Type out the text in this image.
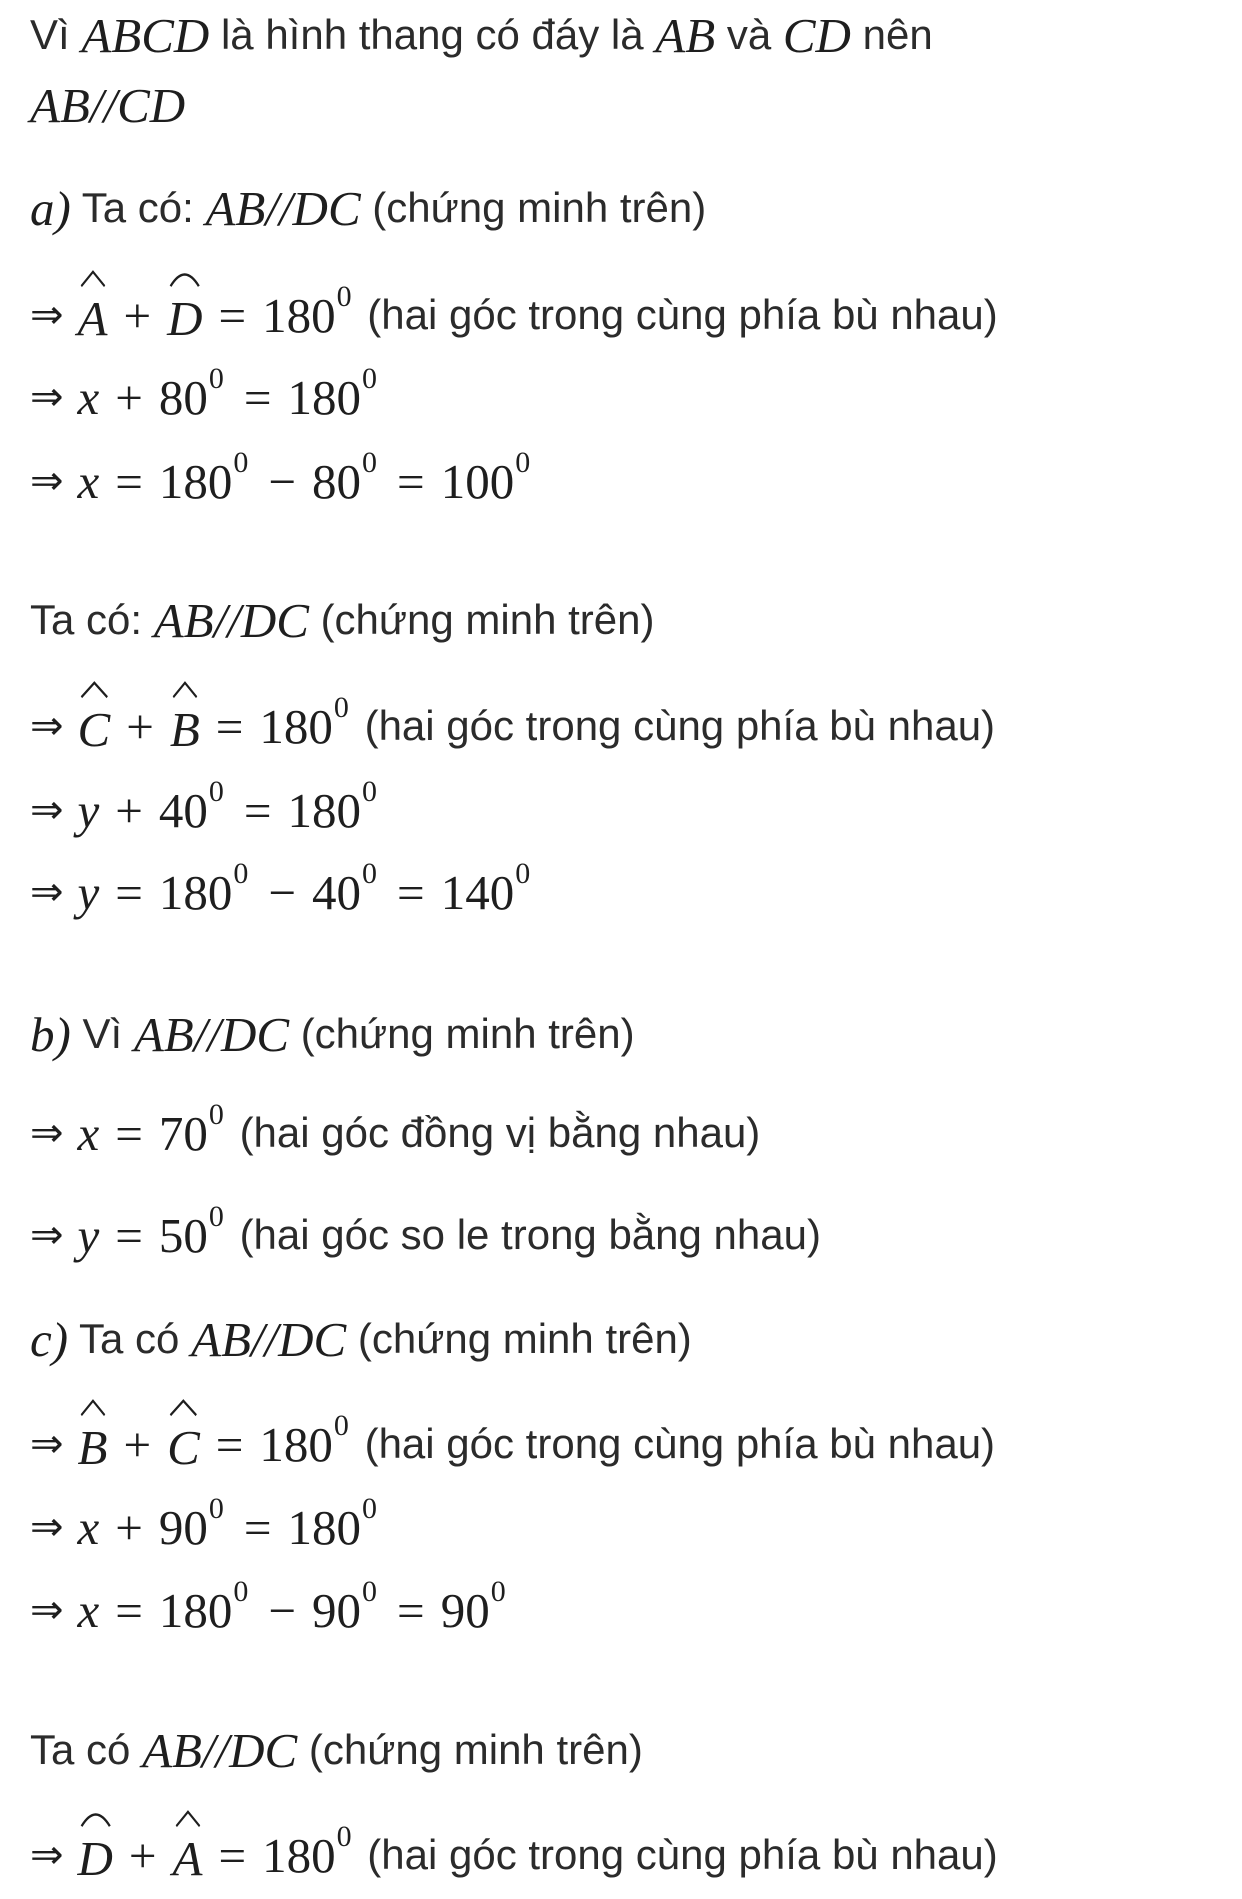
Vì ABCD là hình thang có đáy là AB và CD nên
AB//CD
a) Ta có: AB//DC (chứng minh trên)
⇒ A + D = 180 0 (hai góc trong cùng phía bù nhau)
⇒ x + 80 0 = 180 0
⇒ x = 180 0 − 80 0 = 100 0
Ta có: AB//DC (chứng minh trên)
⇒ C + B = 180 0 (hai góc trong cùng phía bù nhau)
⇒ y + 40 0 = 180 0
⇒ y = 180 0 − 40 0 = 140 0
b) Vì AB//DC (chứng minh trên)
⇒ x = 70 0 (hai góc đồng vị bằng nhau)
⇒ y = 50 0 (hai góc so le trong bằng nhau)
c) Ta có AB//DC (chứng minh trên)
⇒ B + C = 180 0 (hai góc trong cùng phía bù nhau)
⇒ x + 90 0 = 180 0
⇒ x = 180 0 − 90 0 = 90 0
Ta có AB//DC (chứng minh trên)
⇒ D + A = 180 0 (hai góc trong cùng phía bù nhau)
